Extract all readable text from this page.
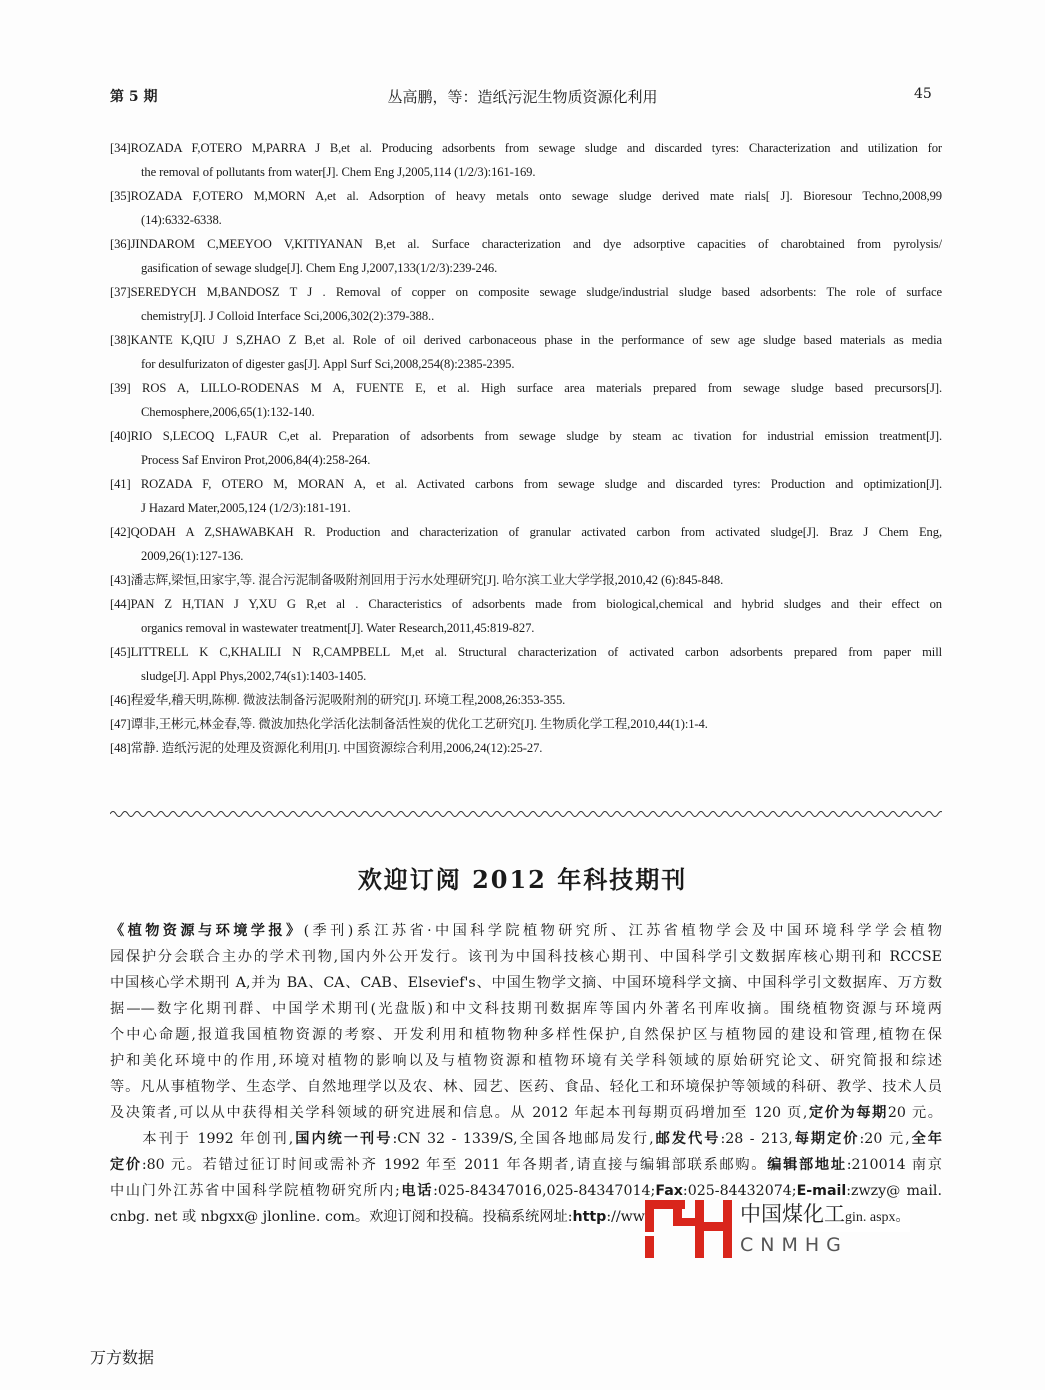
第 5 期	丛高鹏，等：造纸污泥生物质资源化利用	45
[34]ROZADA F,OTERO M,PARRA J B,et al. Producing adsorbents from sewage sludge and discarded tyres: Characterization and utilization for
the removal of pollutants from water[J]. Chem Eng J,2005,114 (1/2/3):161-169.
[35]ROZADA F,OTERO M,MORN A,et al. Adsorption of heavy metals onto sewage sludge derived mate rials[ J]. Bioresour Techno,2008,99
(14):6332-6338.
[36]JINDAROM C,MEEYOO V,KITIYANAN B,et al. Surface characterization and dye adsorptive capacities of charobtained from pyrolysis/
gasification of sewage sludge[J]. Chem Eng J,2007,133(1/2/3):239-246.
[37]SEREDYCH M,BANDOSZ T J . Removal of copper on composite sewage sludge/industrial sludge based adsorbents: The role of surface
chemistry[J]. J Colloid Interface Sci,2006,302(2):379-388..
[38]KANTE K,QIU J S,ZHAO Z B,et al. Role of oil derived carbonaceous phase in the performance of sew age sludge based materials as media
for desulfurizaton of digester gas[J]. Appl Surf Sci,2008,254(8):2385-2395.
[39] ROS A, LILLO-RODENAS M A, FUENTE E, et al. High surface area materials prepared from sewage sludge based precursors[J].
Chemosphere,2006,65(1):132-140.
[40]RIO S,LECOQ L,FAUR C,et al. Preparation of adsorbents from sewage sludge by steam ac tivation for industrial emission treatment[J].
Process Saf Environ Prot,2006,84(4):258-264.
[41] ROZADA F, OTERO M, MORAN A, et al. Activated carbons from sewage sludge and discarded tyres: Production and optimization[J].
J Hazard Mater,2005,124 (1/2/3):181-191.
[42]QODAH A Z,SHAWABKAH R. Production and characterization of granular activated carbon from activated sludge[J]. Braz J Chem Eng,
2009,26(1):127-136.
[43]潘志辉,梁恒,田家宇,等. 混合污泥制备吸附剂回用于污水处理研究[J]. 哈尔滨工业大学学报,2010,42 (6):845-848.
[44]PAN Z H,TIAN J Y,XU G R,et al . Characteristics of adsorbents made from biological,chemical and hybrid sludges and their effect on
organics removal in wastewater treatment[J]. Water Research,2011,45:819-827.
[45]LITTRELL K C,KHALILI N R,CAMPBELL M,et al. Structural characterization of activated carbon adsorbents prepared from paper mill
sludge[J]. Appl Phys,2002,74(s1):1403-1405.
[46]程爱华,稽天明,陈柳. 微波法制备污泥吸附剂的研究[J]. 环境工程,2008,26:353-355.
[47]谭非,王彬元,林金春,等. 微波加热化学活化法制备活性炭的优化工艺研究[J]. 生物质化学工程,2010,44(1):1-4.
[48]常静. 造纸污泥的处理及资源化利用[J]. 中国资源综合利用,2006,24(12):25-27.
欢迎订阅 2012 年科技期刊
《植物资源与环境学报》(季刊)系江苏省·中国科学院植物研究所、江苏省植物学会及中国环境科学学会植物
园保护分会联合主办的学术刊物,国内外公开发行。该刊为中国科技核心期刊、中国科学引文数据库核心期刊和 RCCSE
中国核心学术期刊 A,并为 BA、CA、CAB、Elsevief's、中国生物学文摘、中国环境科学文摘、中国科学引文数据库、万方数
据——数字化期刊群、中国学术期刊(光盘版)和中文科技期刊数据库等国内外著名刊库收摘。围绕植物资源与环境两
个中心命题,报道我国植物资源的考察、开发利用和植物物种多样性保护,自然保护区与植物园的建设和管理,植物在保
护和美化环境中的作用,环境对植物的影响以及与植物资源和植物环境有关学科领域的原始研究论文、研究简报和综述
等。凡从事植物学、生态学、自然地理学以及农、林、园艺、医药、食品、轻化工和环境保护等领域的科研、教学、技术人员
及决策者,可以从中获得相关学科领域的研究进展和信息。从 2012 年起本刊每期页码增加至 120 页,定价为每期20 元。
　　本刊于 1992 年创刊,国内统一刊号:CN 32 - 1339/S,全国各地邮局发行,邮发代号:28 - 213,每期定价:20 元,全年
定价:80 元。若错过征订时间或需补齐 1992 年至 2011 年各期者,请直接与编辑部联系邮购。编辑部地址:210014 南京
中山门外江苏省中国科学院植物研究所内;电话:025-84347016,025-84347014;Fax:025-84432074;E-mail:zwzy@ mail.
cnbg. net 或 nbgxx@ jlonline. com。欢迎订阅和投稿。投稿系统网址:http://ww	中国煤化工gin. aspx。
CNMHG
万方数据
